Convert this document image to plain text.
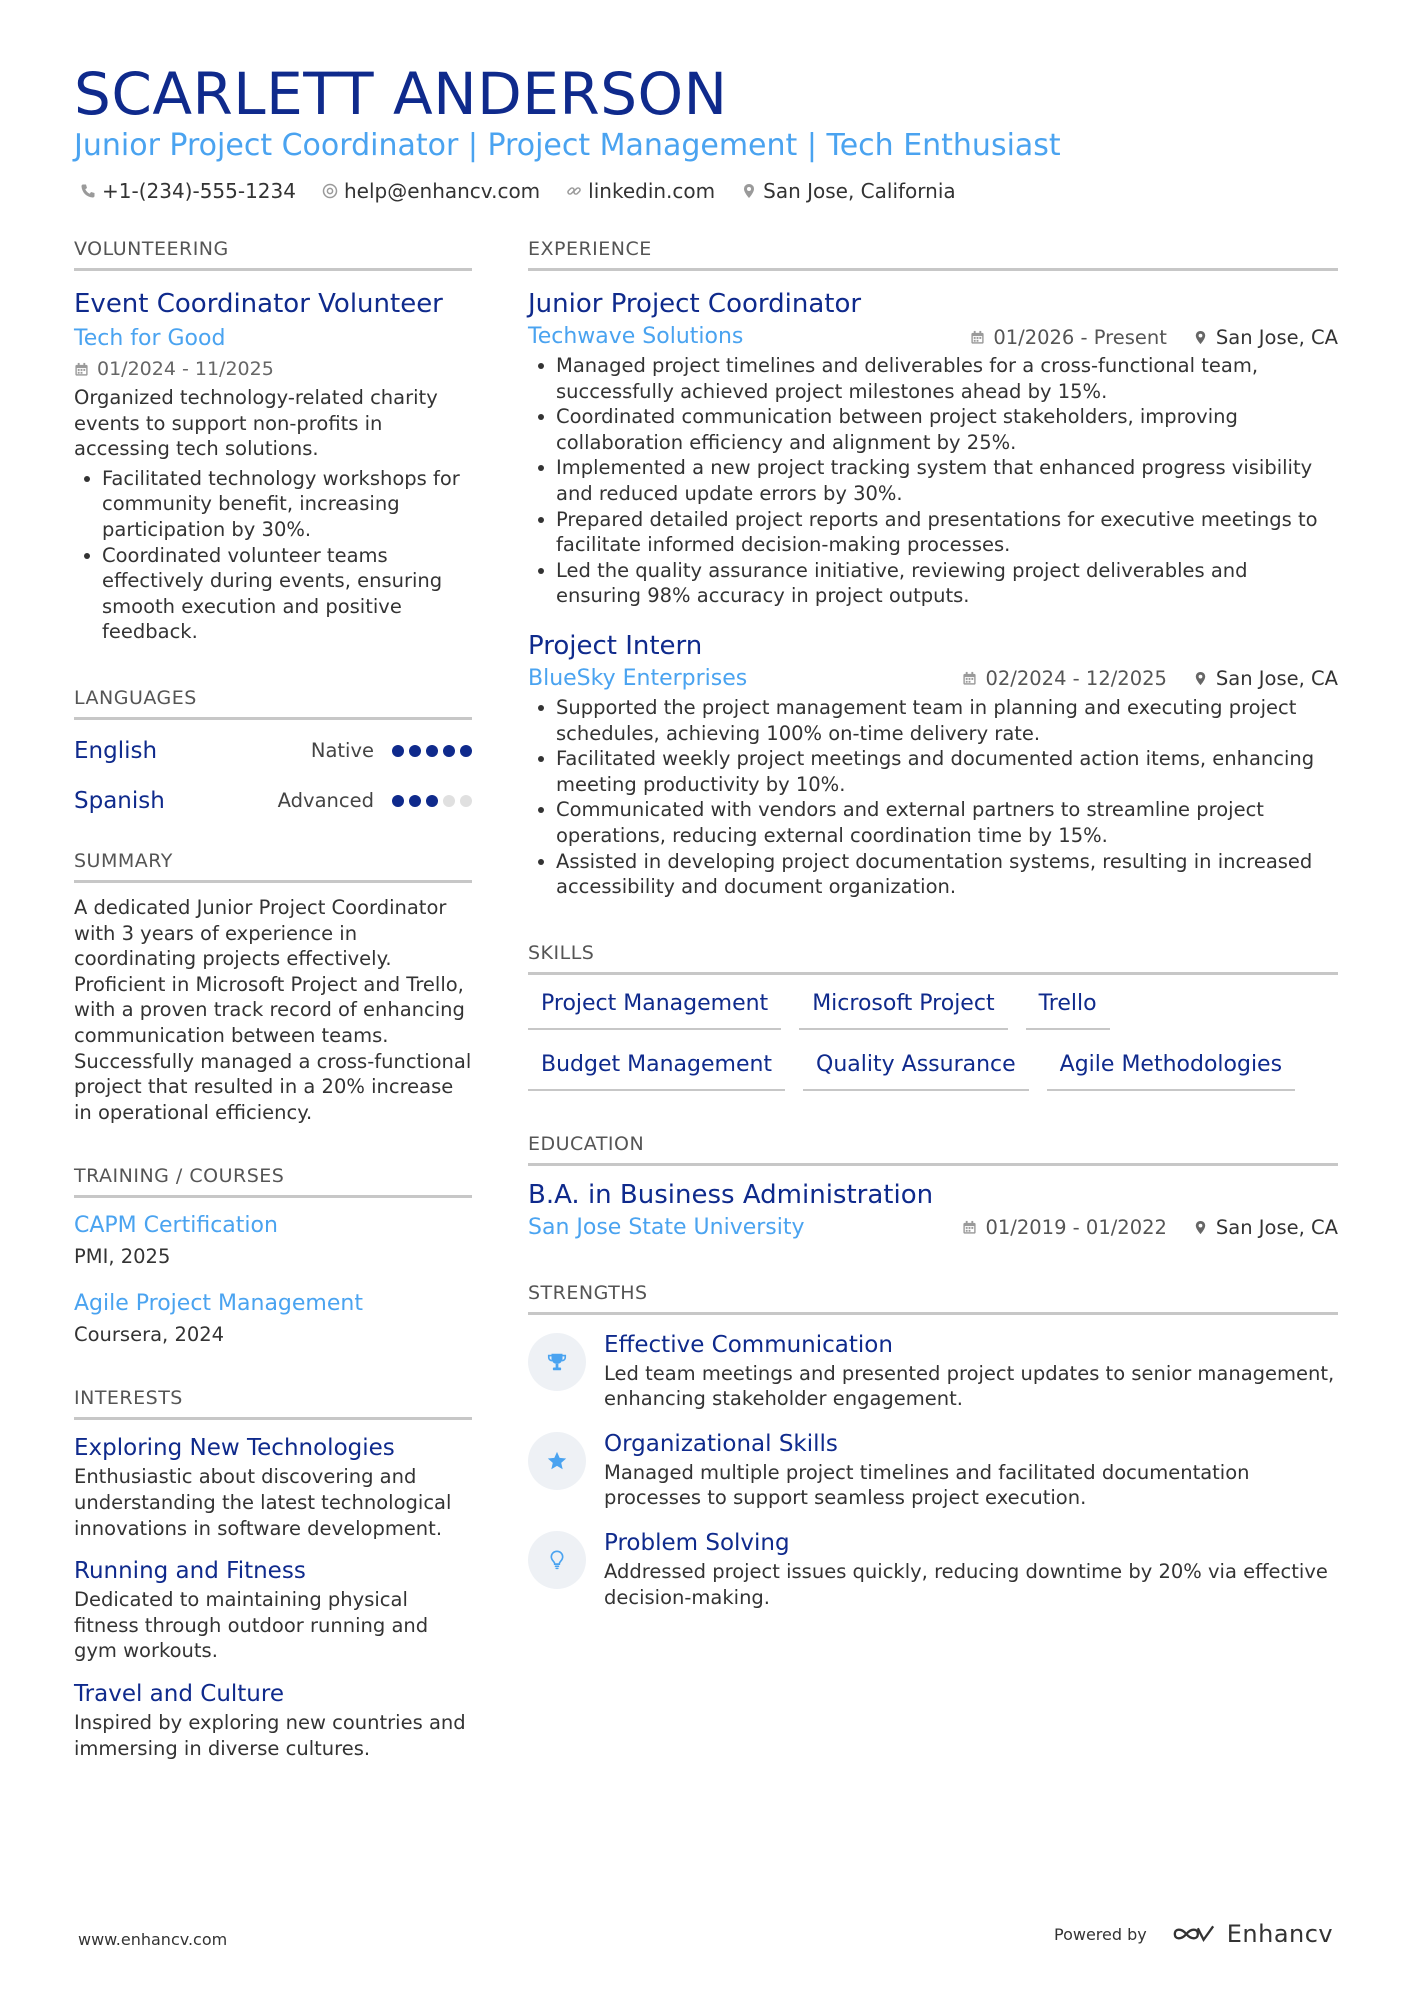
SCARLETT ANDERSON
Junior Project Coordinator | Project Management | Tech Enthusiast
+1-(234)-555-1234 help@enhancv.com linkedin.com San Jose, California
VOLUNTEERING
Event Coordinator Volunteer
Tech for Good
01/2024 - 11/2025
Organized technology-related charity events to support non-profits in accessing tech solutions.
Facilitated technology workshops for community benefit, increasing participation by 30%.
Coordinated volunteer teams effectively during events, ensuring smooth execution and positive feedback.
LANGUAGES
English	Native
Spanish	Advanced
SUMMARY
A dedicated Junior Project Coordinator with 3 years of experience in coordinating projects effectively. Proficient in Microsoft Project and Trello, with a proven track record of enhancing communication between teams. Successfully managed a cross-functional project that resulted in a 20% increase in operational efficiency.
TRAINING / COURSES
CAPM Certification
PMI, 2025
Agile Project Management
Coursera, 2024
INTERESTS
Exploring New Technologies
Enthusiastic about discovering and understanding the latest technological innovations in software development.
Running and Fitness
Dedicated to maintaining physical fitness through outdoor running and gym workouts.
Travel and Culture
Inspired by exploring new countries and immersing in diverse cultures.
EXPERIENCE
Junior Project Coordinator
Techwave Solutions	01/2026 - Present	San Jose, CA
Managed project timelines and deliverables for a cross-functional team, successfully achieved project milestones ahead by 15%.
Coordinated communication between project stakeholders, improving collaboration efficiency and alignment by 25%.
Implemented a new project tracking system that enhanced progress visibility and reduced update errors by 30%.
Prepared detailed project reports and presentations for executive meetings to facilitate informed decision-making processes.
Led the quality assurance initiative, reviewing project deliverables and ensuring 98% accuracy in project outputs.
Project Intern
BlueSky Enterprises	02/2024 - 12/2025	San Jose, CA
Supported the project management team in planning and executing project schedules, achieving 100% on-time delivery rate.
Facilitated weekly project meetings and documented action items, enhancing meeting productivity by 10%.
Communicated with vendors and external partners to streamline project operations, reducing external coordination time by 15%.
Assisted in developing project documentation systems, resulting in increased accessibility and document organization.
SKILLS
Project Management	Microsoft Project	Trello
Budget Management	Quality Assurance	Agile Methodologies
EDUCATION
B.A. in Business Administration
San Jose State University	01/2019 - 01/2022	San Jose, CA
STRENGTHS
Effective Communication
Led team meetings and presented project updates to senior management, enhancing stakeholder engagement.
Organizational Skills
Managed multiple project timelines and facilitated documentation processes to support seamless project execution.
Problem Solving
Addressed project issues quickly, reducing downtime by 20% via effective decision-making.
www.enhancv.com	Powered by	Enhancv
